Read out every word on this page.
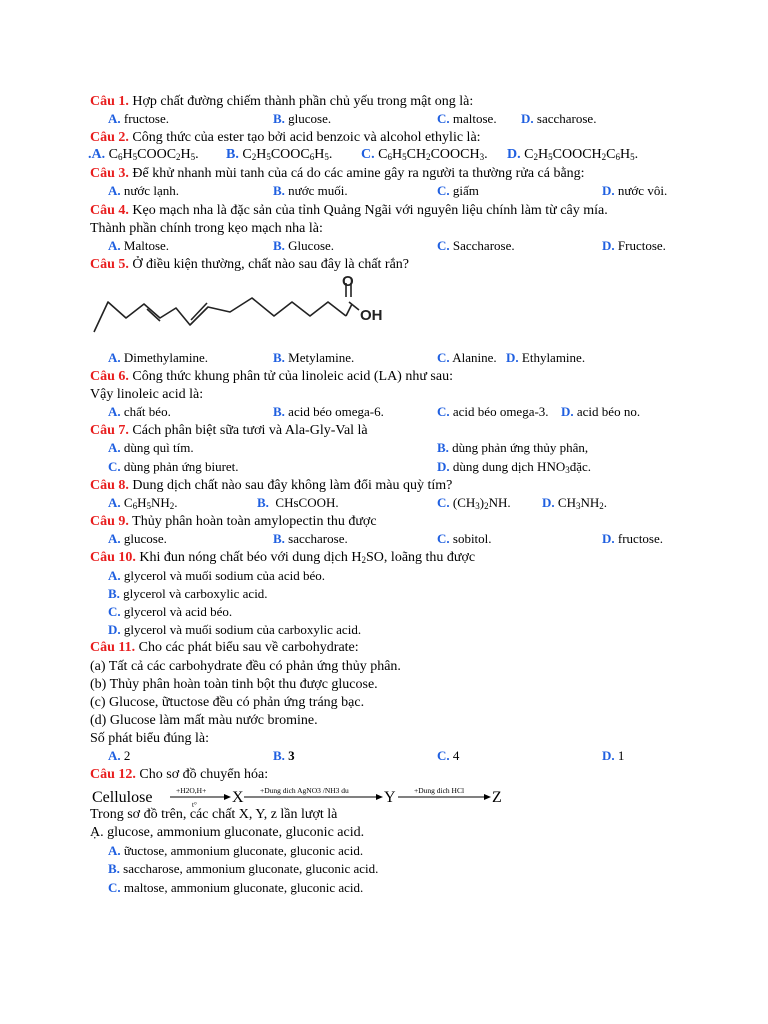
Câu 1. Hợp chất đường chiếm thành phần chủ yếu trong mật ong là:
A. fructose.	B. glucose.	C. maltose. D. saccharose.
Câu 2. Công thức của ester tạo bởi acid benzoic và alcohol ethylic là:
.A. $C_6H_5COOC_2H_5$. B. $C_2H_5COOC_6H_5$. C. $C_6H_5CH_2COOCH_3$. D. $C_2H_5COOCH_2C_6H_5$.
Câu 3. Để khử nhanh mùi tanh của cá do các amine gây ra người ta thường rửa cá bằng:
A. nước lạnh.	B. nước muối.	C. giấm	D. nước vôi.
Câu 4. Kẹo mạch nha là đặc sản của tỉnh Quảng Ngãi với nguyên liệu chính làm từ cây mía.
Thành phần chính trong kẹo mạch nha là:
A. Maltose.	B. Glucose.	C. Saccharose.	D. Fructose.
Câu 5. Ở điều kiện thường, chất nào sau đây là chất rắn?
O
OH
A. Dimethylamine.	B. Metylamine.	C. Alanine. D. Ethylamine.
Câu 6. Công thức khung phân tử của linoleic acid (LA) như sau:
Vậy linoleic acid là:
A. chất béo.	B. acid béo omega-6.	C. acid béo omega-3. D. acid béo no.
Câu 7. Cách phân biệt sữa tươi và Ala-Gly-Val là
A. dùng quì tím.	B. dùng phản ứng thủy phân,
C. dùng phản ứng biuret.	D. dùng dung dịch $HNO_3đặc$.
Câu 8. Dung dịch chất nào sau đây không làm đổi màu quỳ tím?
A. $C_6H_5NH_2$.	B. CHsCOOH.	C. $(CH_3)_2NH$. D. $CH_3NH_2$.
Câu 9. Thủy phân hoàn toàn amylopectin thu được
A. glucose.	B. saccharose.	C. sobitol.	D. fructose.
Câu 10. Khi đun nóng chất béo với dung dịch $H_2SO$, loãng thu được
A. glycerol và muối sodium của acid béo.
B. glycerol và carboxylic acid.
C. glycerol và acid béo.
D. glycerol và muối sodium của carboxylic acid.
Câu 11. Cho các phát biểu sau về carbohydrate:
(a) Tất cả các carbohydrate đều có phản ứng thủy phân.
(b) Thủy phân hoàn toàn tinh bột thu được glucose.
(c) Glucose, ữtuctose đều có phản ứng tráng bạc.
(d) Glucose làm mất màu nước bromine.
Số phát biểu đúng là:
A. 2	B. 3	C. 4	D. 1
Câu 12. Cho sơ đồ chuyển hóa:
Cellulose	+H2O,H+
t° X +Dung dich AgNO3 /NH3 du Y +Dung dich HCl Z
Trong sơ đồ trên, các chất X, Y, z lần lượt là
Ạ. glucose, ammonium gluconate, gluconic acid.
A. ữuctose, ammonium gluconate, gluconic acid.
B. saccharose, ammonium gluconate, gluconic acid.
C. maltose, ammonium gluconate, gluconic acid.
